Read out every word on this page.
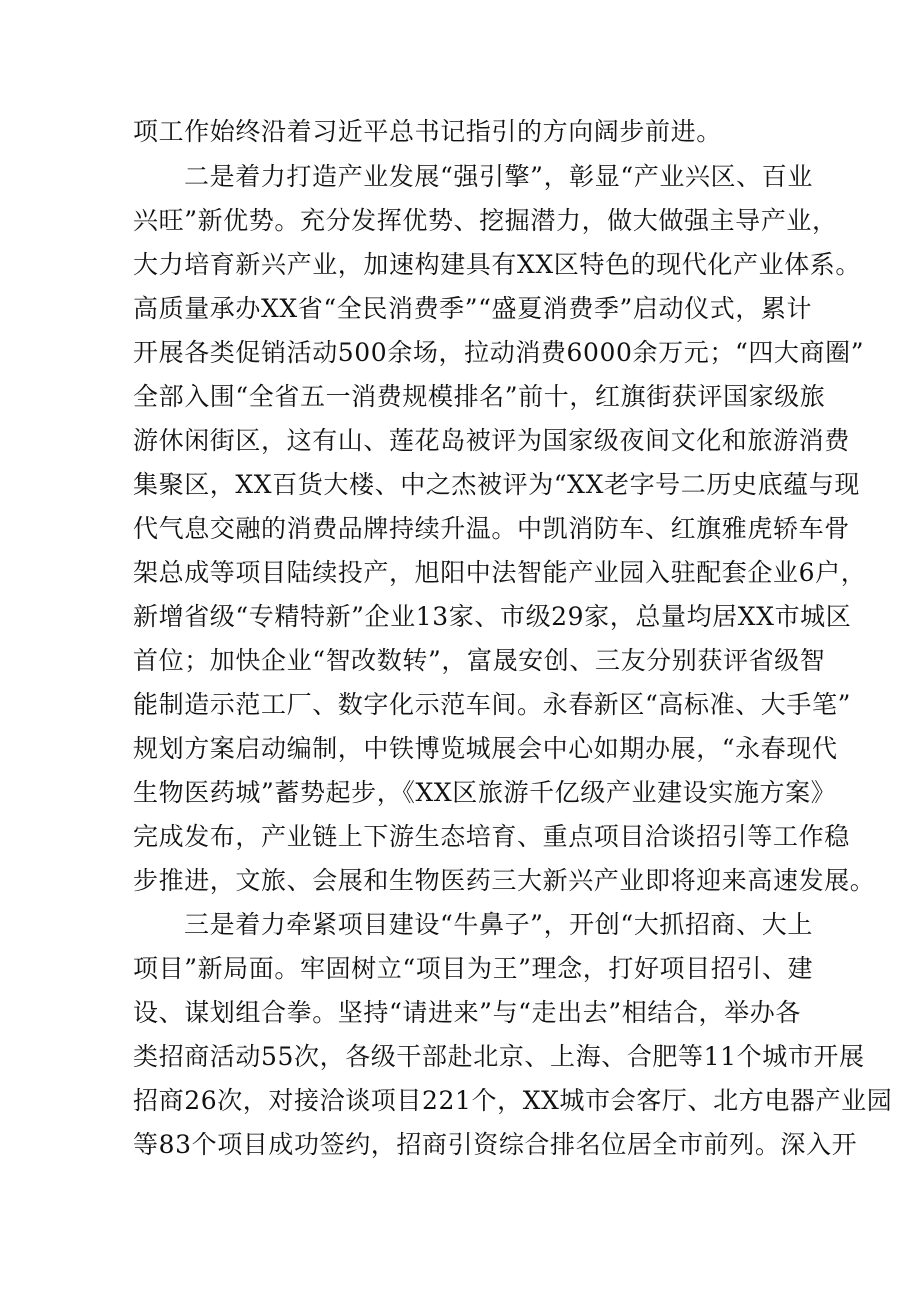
项工作始终沿着习近平总书记指引的方向阔步前进。
二是着力打造产业发展“强引擎”，彰显“产业兴区、百业
兴旺”新优势。充分发挥优势、挖掘潜力，做大做强主导产业，
大力培育新兴产业，加速构建具有XX区特色的现代化产业体系。
高质量承办XX省“全民消费季”“盛夏消费季”启动仪式，累计
开展各类促销活动500余场，拉动消费6000余万元；“四大商圈”
全部入围“全省五一消费规模排名”前十，红旗街获评国家级旅
游休闲街区，这有山、莲花岛被评为国家级夜间文化和旅游消费
集聚区，XX百货大楼、中之杰被评为“XX老字号二历史底蕴与现
代气息交融的消费品牌持续升温。中凯消防车、红旗雅虎轿车骨
架总成等项目陆续投产，旭阳中法智能产业园入驻配套企业6户，
新增省级“专精特新”企业13家、市级29家，总量均居XX市城区
首位；加快企业“智改数转”，富晟安创、三友分别获评省级智
能制造示范工厂、数字化示范车间。永春新区“高标准、大手笔”
规划方案启动编制，中铁博览城展会中心如期办展，“永春现代
生物医药城”蓄势起步，《XX区旅游千亿级产业建设实施方案》
完成发布，产业链上下游生态培育、重点项目洽谈招引等工作稳
步推进，文旅、会展和生物医药三大新兴产业即将迎来高速发展。
三是着力牵紧项目建设“牛鼻子”，开创“大抓招商、大上
项目”新局面。牢固树立“项目为王”理念，打好项目招引、建
设、谋划组合拳。坚持“请进来”与“走出去”相结合，举办各
类招商活动55次，各级干部赴北京、上海、合肥等11个城市开展
招商26次，对接洽谈项目221个，XX城市会客厅、北方电器产业园
等83个项目成功签约，招商引资综合排名位居全市前列。深入开
